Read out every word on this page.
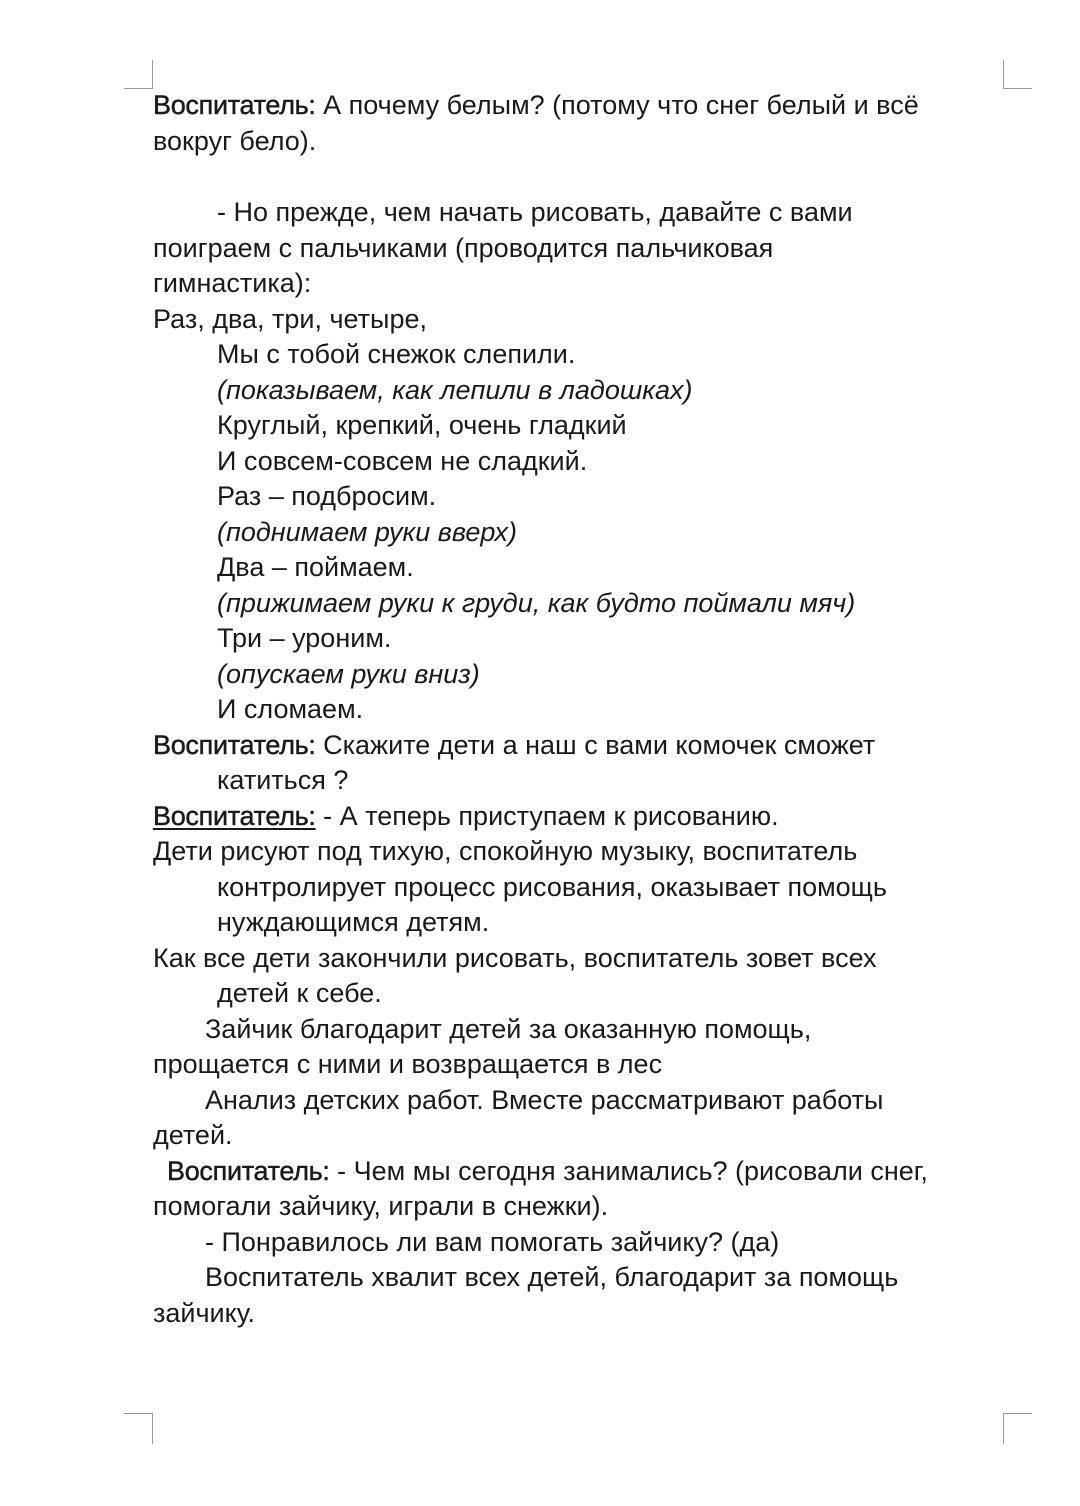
Воспитатель: А почему белым? (потому что снег белый и всё
вокруг бело).
- Но прежде, чем начать рисовать, давайте с вами
поиграем с пальчиками (проводится пальчиковая
гимнастика):
Раз, два, три, четыре,
Мы с тобой снежок слепили.
(показываем, как лепили в ладошках)
Круглый, крепкий, очень гладкий
И совсем-совсем не сладкий.
Раз – подбросим.
(поднимаем руки вверх)
Два – поймаем.
(прижимаем руки к груди, как будто поймали мяч)
Три – уроним.
(опускаем руки вниз)
И сломаем.
Воспитатель: Скажите дети а наш с вами комочек сможет
катиться ?
Воспитатель: - А теперь приступаем к рисованию.
Дети рисуют под тихую, спокойную музыку, воспитатель
контролирует процесс рисования, оказывает помощь
нуждающимся детям.
Как все дети закончили рисовать, воспитатель зовет всех
детей к себе.
Зайчик благодарит детей за оказанную помощь,
прощается с ними и возвращается в лес
Анализ детских работ. Вместе рассматривают работы
детей.
Воспитатель: - Чем мы сегодня занимались? (рисовали снег,
помогали зайчику, играли в снежки).
- Понравилось ли вам помогать зайчику? (да)
Воспитатель хвалит всех детей, благодарит за помощь
зайчику.
